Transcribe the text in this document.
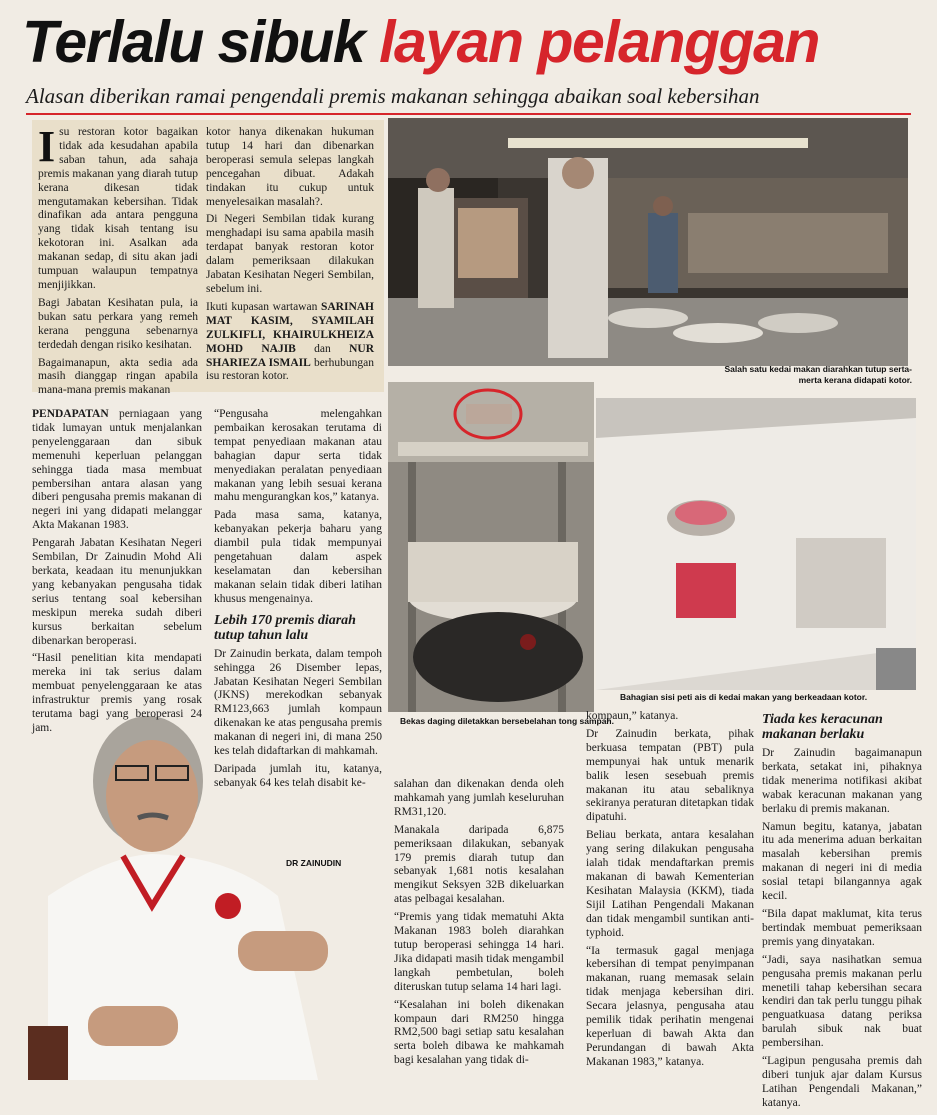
Terlalu sibuk layan pelanggan
Alasan diberikan ramai pengendali premis makanan sehingga abaikan soal kebersihan

Isu restoran kotor bagaikan tidak ada kesudahan apabila saban tahun, ada sahaja premis makanan yang diarah tutup kerana dikesan tidak mengutamakan kebersihan. Tidak dinafikan ada antara pengguna yang tidak kisah tentang isu kekotoran ini. Asalkan ada makanan sedap, di situ akan jadi tumpuan walaupun tempatnya menjijikkan.

Bagi Jabatan Kesihatan pula, ia bukan satu perkara yang remeh kerana pengguna sebenarnya terdedah dengan risiko kesihatan.

Bagaimanapun, akta sedia ada masih dianggap ringan apabila mana-mana premis makanan

kotor hanya dikenakan hukuman tutup 14 hari dan dibenarkan beroperasi semula selepas langkah pencegahan dibuat. Adakah tindakan itu cukup untuk menyelesaikan masalah?.

Di Negeri Sembilan tidak kurang menghadapi isu sama apabila masih terdapat banyak restoran kotor dalam pemeriksaan dilakukan Jabatan Kesihatan Negeri Sembilan, sebelum ini.

Ikuti kupasan wartawan SARINAH MAT KASIM, SYAMILAH ZULKIFLI, KHAIRULKHEIZA MOHD NAJIB dan NUR SHARIEZA ISMAIL berhubungan isu restoran kotor.

Salah satu kedai makan diarahkan tutup serta-merta kerana didapati kotor.
Bekas daging diletakkan bersebelahan tong sampah.
Bahagian sisi peti ais di kedai makan yang berkeadaan kotor.
DR ZAINUDIN

PENDAPATAN perniagaan yang tidak lumayan untuk menjalankan penyelenggaraan dan sibuk memenuhi keperluan pelanggan sehingga tiada masa membuat pembersihan antara alasan yang diberi pengusaha premis makanan di negeri ini yang didapati melanggar Akta Makanan 1983.

Pengarah Jabatan Kesihatan Negeri Sembilan, Dr Zainudin Mohd Ali berkata, keadaan itu menunjukkan yang kebanyakan pengusaha tidak serius tentang soal kebersihan meskipun mereka sudah diberi kursus berkaitan sebelum dibenarkan beroperasi.

“Hasil penelitian kita mendapati mereka ini tak serius dalam membuat penyelenggaraan ke atas infrastruktur premis yang rosak terutama bagi yang beroperasi 24 jam.

“Pengusaha melengahkan pembaikan kerosakan terutama di tempat penyediaan makanan atau bahagian dapur serta tidak menyediakan peralatan penyediaan makanan yang lebih sesuai kerana mahu mengurangkan kos,” katanya.

Pada masa sama, katanya, kebanyakan pekerja baharu yang diambil pula tidak mempunyai pengetahuan dalam aspek keselamatan dan kebersihan makanan selain tidak diberi latihan khusus mengenainya.

Lebih 170 premis diarah tutup tahun lalu

Dr Zainudin berkata, dalam tempoh sehingga 26 Disember lepas, Jabatan Kesihatan Negeri Sembilan (JKNS) merekodkan sebanyak RM123,663 jumlah kompaun dikenakan ke atas pengusaha premis makanan di negeri ini, di mana 250 kes telah didaftarkan di mahkamah.

Daripada jumlah itu, katanya, sebanyak 64 kes telah disabit ke-	salahan dan dikenakan denda oleh mahkamah yang jumlah keseluruhan RM31,120.

Manakala daripada 6,875 pemeriksaan dilakukan, sebanyak 179 premis diarah tutup dan sebanyak 1,681 notis kesalahan mengikut Seksyen 32B dikeluarkan atas pelbagai kesalahan.

“Premis yang tidak mematuhi Akta Makanan 1983 boleh diarahkan tutup beroperasi sehingga 14 hari. Jika didapati masih tidak mengambil langkah pembetulan, boleh diteruskan tutup selama 14 hari lagi.

“Kesalahan ini boleh dikenakan kompaun dari RM250 hingga RM2,500 bagi setiap satu kesalahan serta boleh dibawa ke mahkamah bagi kesalahan yang tidak di-

kompaun,” katanya.

Dr Zainudin berkata, pihak berkuasa tempatan (PBT) pula mempunyai hak untuk menarik balik lesen sesebuah premis makanan itu atau sebaliknya sekiranya peraturan ditetapkan tidak dipatuhi.

Beliau berkata, antara kesalahan yang sering dilakukan pengusaha ialah tidak mendaftarkan premis makanan di bawah Kementerian Kesihatan Malaysia (KKM), tiada Sijil Latihan Pengendali Makanan dan tidak mengambil suntikan anti-typhoid.

“Ia termasuk gagal menjaga kebersihan di tempat penyimpanan makanan, ruang memasak selain tidak menjaga kebersihan diri. Secara jelasnya, pengusaha atau pemilik tidak perihatin mengenai keperluan di bawah Akta dan Perundangan di bawah Akta Makanan 1983,” katanya.

Tiada kes keracunan makanan berlaku

Dr Zainudin bagaimanapun berkata, setakat ini, pihaknya tidak menerima notifikasi akibat wabak keracunan makanan yang berlaku di premis makanan.

Namun begitu, katanya, jabatan itu ada menerima aduan berkaitan masalah kebersihan premis makanan di negeri ini di media sosial tetapi bilangannya agak kecil.

“Bila dapat maklumat, kita terus bertindak membuat pemeriksaan premis yang dinyatakan.

“Jadi, saya nasihatkan semua pengusaha premis makanan perlu menetili tahap kebersihan secara kendiri dan tak perlu tunggu pihak penguatkuasa datang periksa barulah sibuk nak buat pembersihan.

“Lagipun pengusaha premis dah diberi tunjuk ajar dalam Kursus Latihan Pengendali Makanan,” katanya.
